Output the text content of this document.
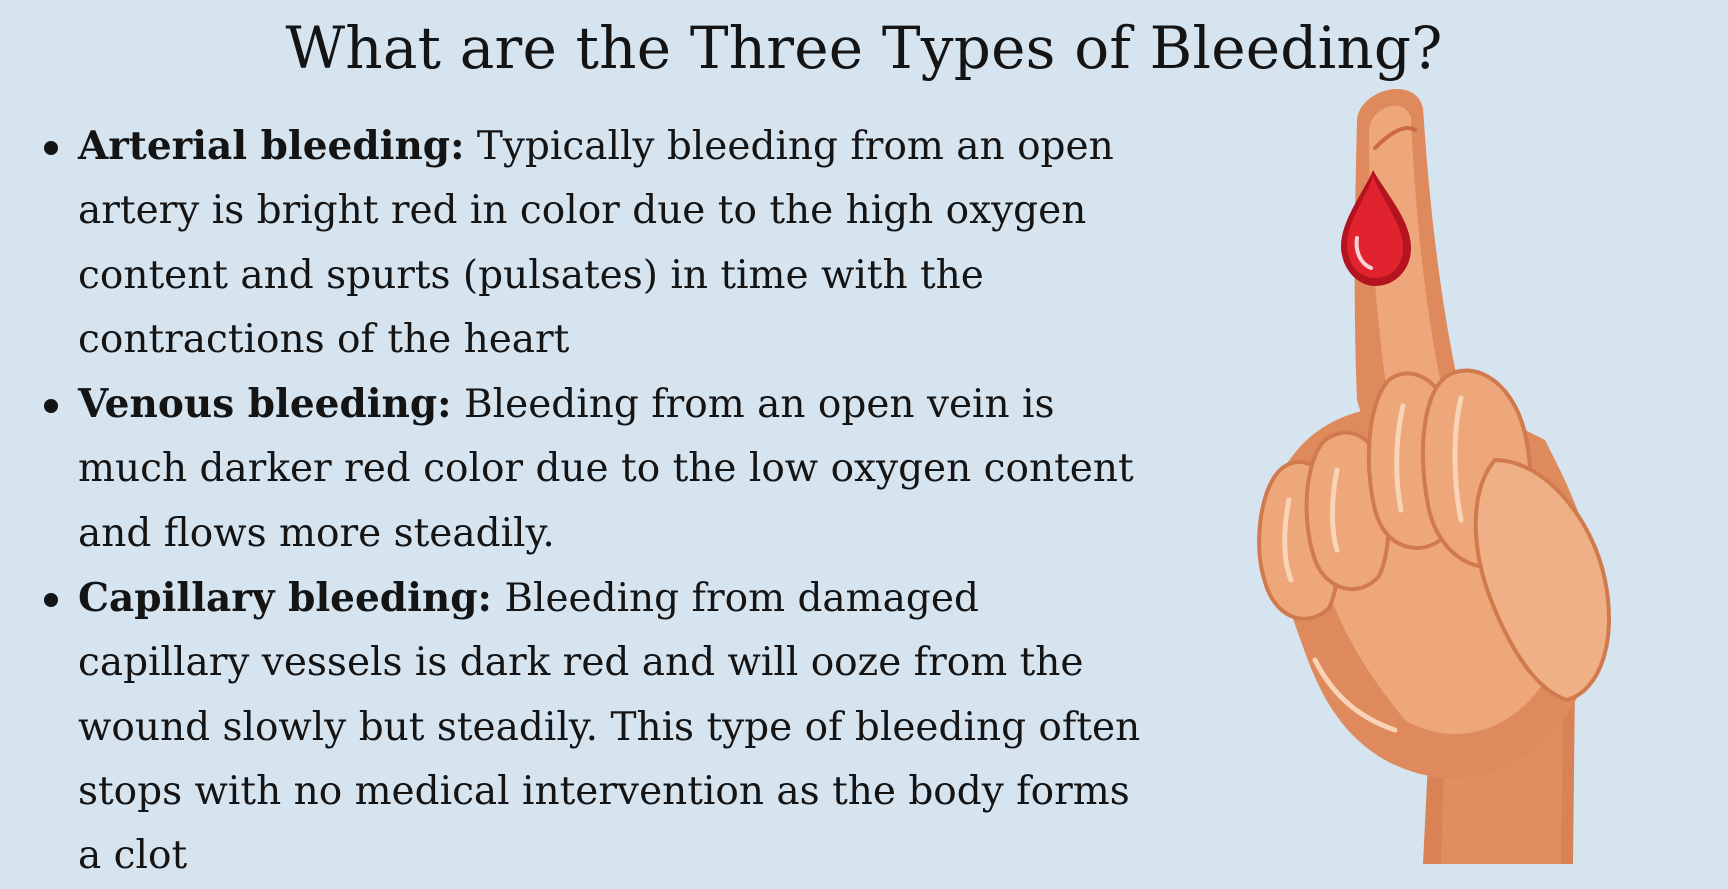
What are the Three Types of Bleeding?
Arterial bleeding: Typically bleeding from an open artery is bright red in color due to the high oxygen content and spurts (pulsates) in time with the contractions of the heart
Venous bleeding: Bleeding from an open vein is much darker red color due to the low oxygen content and flows more steadily.
Capillary bleeding: Bleeding from damaged capillary vessels is dark red and will ooze from the wound slowly but steadily. This type of bleeding often stops with no medical intervention as the body forms a clot
